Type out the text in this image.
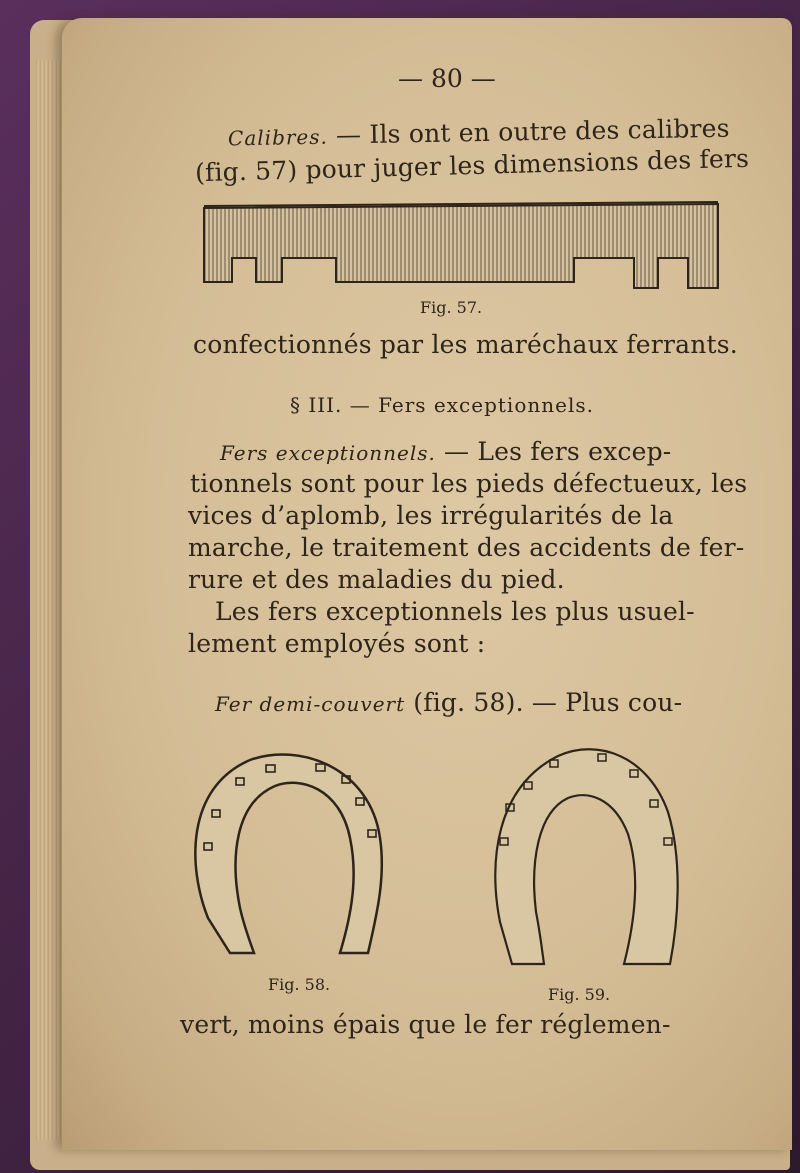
— 80 —
Calibres. — Ils ont en outre des calibres
(fig. 57) pour juger les dimensions des fers
Fig. 57.
confectionnés par les maréchaux ferrants.
§ III. — Fers exceptionnels.
Fers exceptionnels. — Les fers excep-
tionnels sont pour les pieds défectueux, les
vices d’aplomb, les irrégularités de la
marche, le traitement des accidents de fer-
rure et des maladies du pied.
Les fers exceptionnels les plus usuel-
lement employés sont :
Fer demi-couvert (fig. 58). — Plus cou-
Fig. 58.
Fig. 59.
vert, moins épais que le fer réglemen-
